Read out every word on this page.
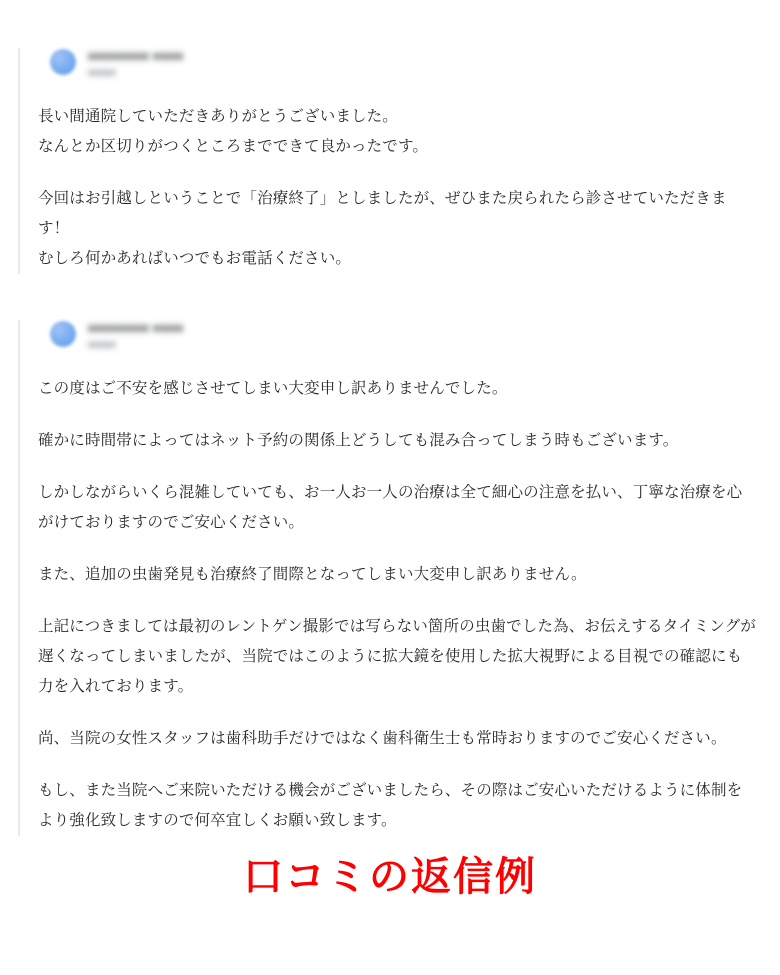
■■■■■■■■ ■■■■
■■■■

長い間通院していただきありがとうございました。

なんとか区切りがつくところまでできて良かったです。

今回はお引越しということで「治療終了」としましたが、ぜひまた戻られたら診させていただきます！

むしろ何かあればいつでもお電話ください。

■■■■■■■■ ■■■■
■■■■

この度はご不安を感じさせてしまい大変申し訳ありませんでした。

確かに時間帯によってはネット予約の関係上どうしても混み合ってしまう時もございます。

しかしながらいくら混雑していても、お一人お一人の治療は全て細心の注意を払い、丁寧な治療を心がけておりますのでご安心ください。

また、追加の虫歯発見も治療終了間際となってしまい大変申し訳ありません。

上記につきましては最初のレントゲン撮影では写らない箇所の虫歯でした為、お伝えするタイミングが遅くなってしまいましたが、当院ではこのように拡大鏡を使用した拡大視野による目視での確認にも力を入れております。

尚、当院の女性スタッフは歯科助手だけではなく歯科衛生士も常時おりますのでご安心ください。

もし、また当院へご来院いただける機会がございましたら、その際はご安心いただけるように体制をより強化致しますので何卒宜しくお願い致します。

口コミの返信例
